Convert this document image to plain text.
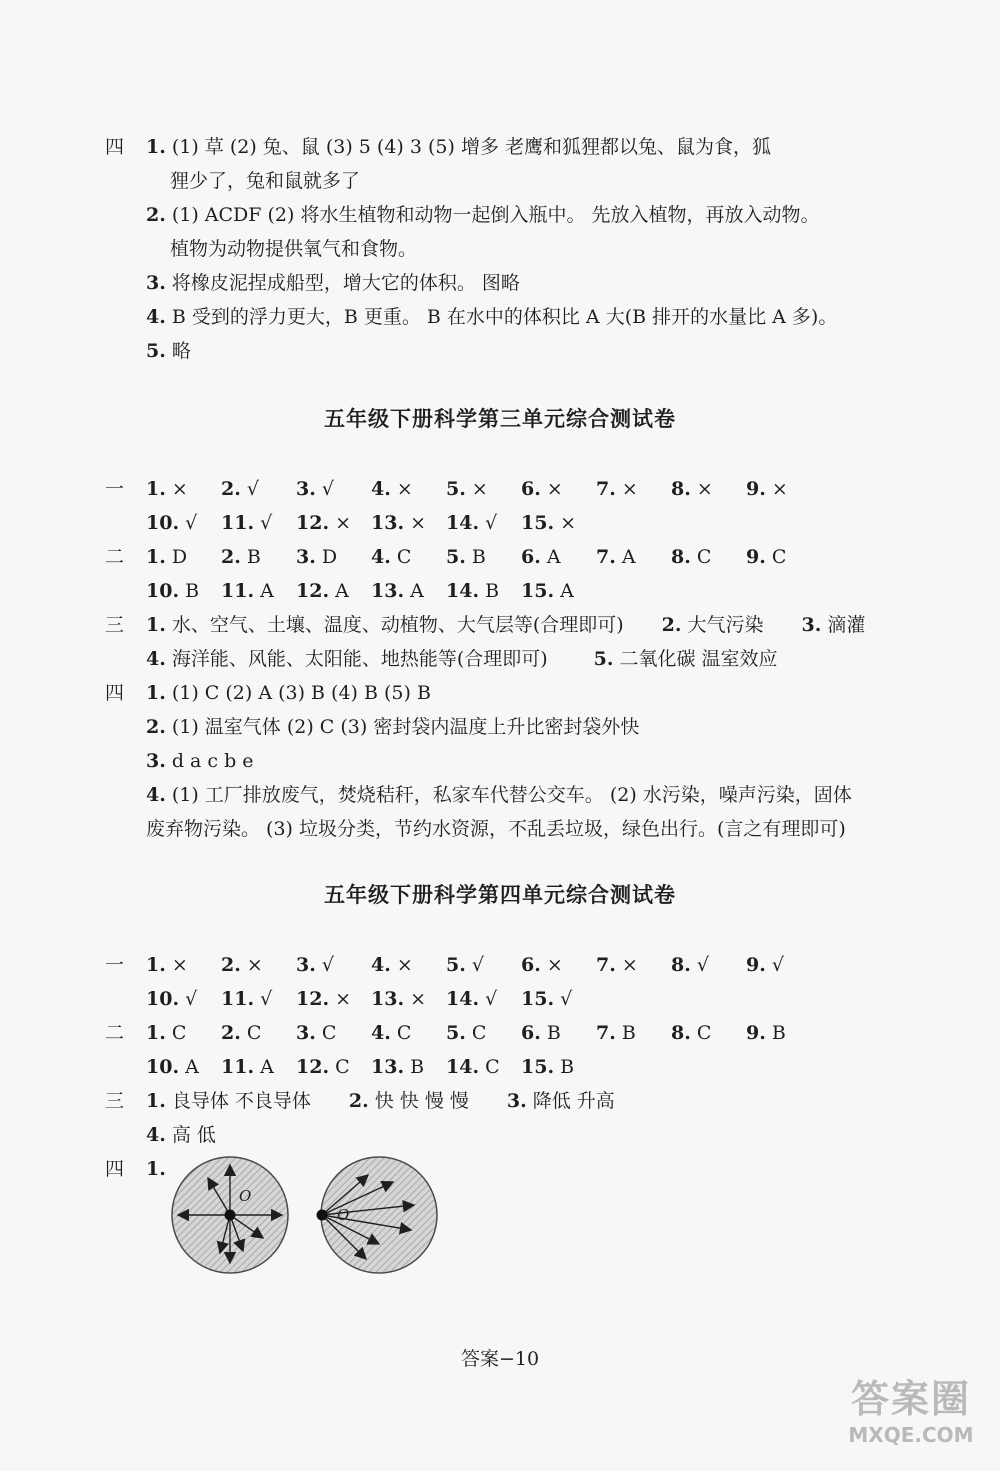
四 1. (1) 草 (2) 兔、鼠 (3) 5 (4) 3 (5) 增多 老鹰和狐狸都以兔、鼠为食，狐
狸少了，兔和鼠就多了
2. (1) ACDF (2) 将水生植物和动物一起倒入瓶中。 先放入植物，再放入动物。
植物为动物提供氧气和食物。
3. 将橡皮泥捏成船型，增大它的体积。 图略
4. B 受到的浮力更大，B 更重。 B 在水中的体积比 A 大(B 排开的水量比 A 多)。
5. 略
五年级下册科学第三单元综合测试卷
一 1. × 2. √ 3. √ 4. × 5. × 6. × 7. × 8. × 9. ×
10. √ 11. √ 12. × 13. × 14. √ 15. ×
二 1. D 2. B 3. D 4. C 5. B 6. A 7. A 8. C 9. C
10. B 11. A 12. A 13. A 14. B 15. A
三 1. 水、空气、土壤、温度、动植物、大气层等(合理即可) 2. 大气污染 3. 滴灌
4. 海洋能、风能、太阳能、地热能等(合理即可) 5. 二氧化碳 温室效应
四 1. (1) C (2) A (3) B (4) B (5) B
2. (1) 温室气体 (2) C (3) 密封袋内温度上升比密封袋外快
3. d a c b e
4. (1) 工厂排放废气，焚烧秸秆，私家车代替公交车。 (2) 水污染，噪声污染，固体
废弃物污染。 (3) 垃圾分类，节约水资源，不乱丢垃圾，绿色出行。(言之有理即可)
五年级下册科学第四单元综合测试卷
一 1. × 2. × 3. √ 4. × 5. √ 6. × 7. × 8. √ 9. √
10. √ 11. √ 12. × 13. × 14. √ 15. √
二 1. C 2. C 3. C 4. C 5. C 6. B 7. B 8. C 9. B
10. A 11. A 12. C 13. B 14. C 15. B
三 1. 良导体 不良导体 2. 快 快 慢 慢 3. 降低 升高
4. 高 低
四 1.
O
O
答案−10
答案圈
MXQE.COM
